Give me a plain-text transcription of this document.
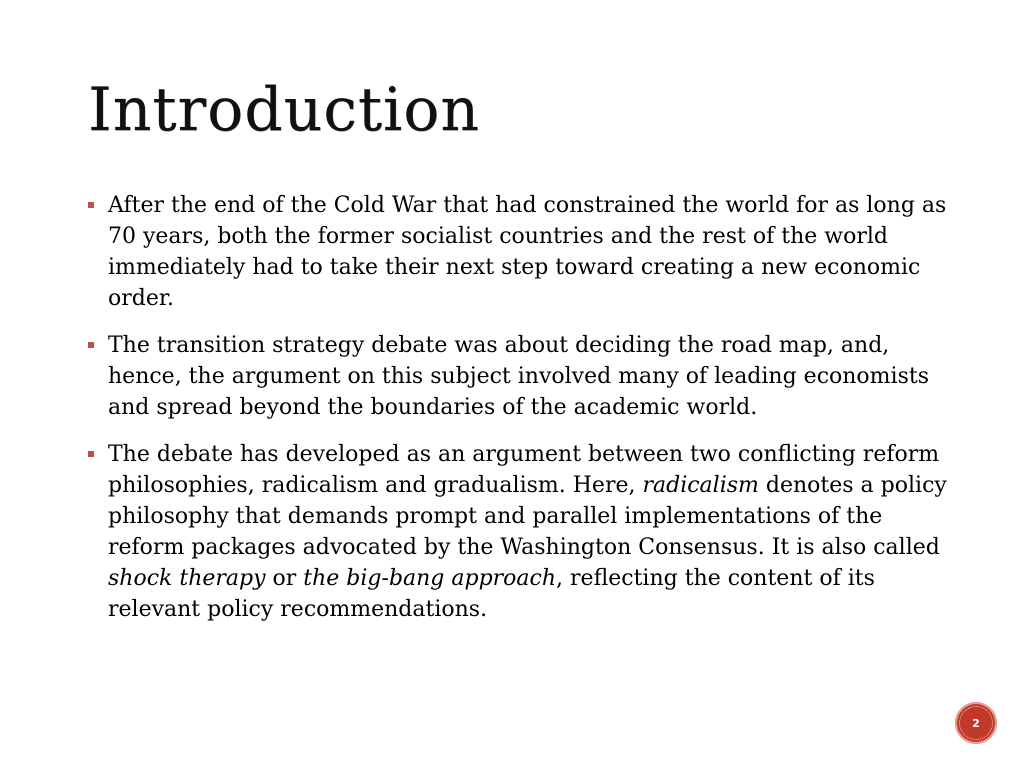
Introduction
After the end of the Cold War that had constrained the world for as long as 70 years, both the former socialist countries and the rest of the world immediately had to take their next step toward creating a new economic order.
The transition strategy debate was about deciding the road map, and, hence, the argument on this subject involved many of leading economists and spread beyond the boundaries of the academic world.
The debate has developed as an argument between two conflicting reform philosophies, radicalism and gradualism. Here, radicalism denotes a policy philosophy that demands prompt and parallel implementations of the reform packages advocated by the Washington Consensus. It is also called shock therapy or the big-bang approach, reflecting the content of its relevant policy recommendations.
2
